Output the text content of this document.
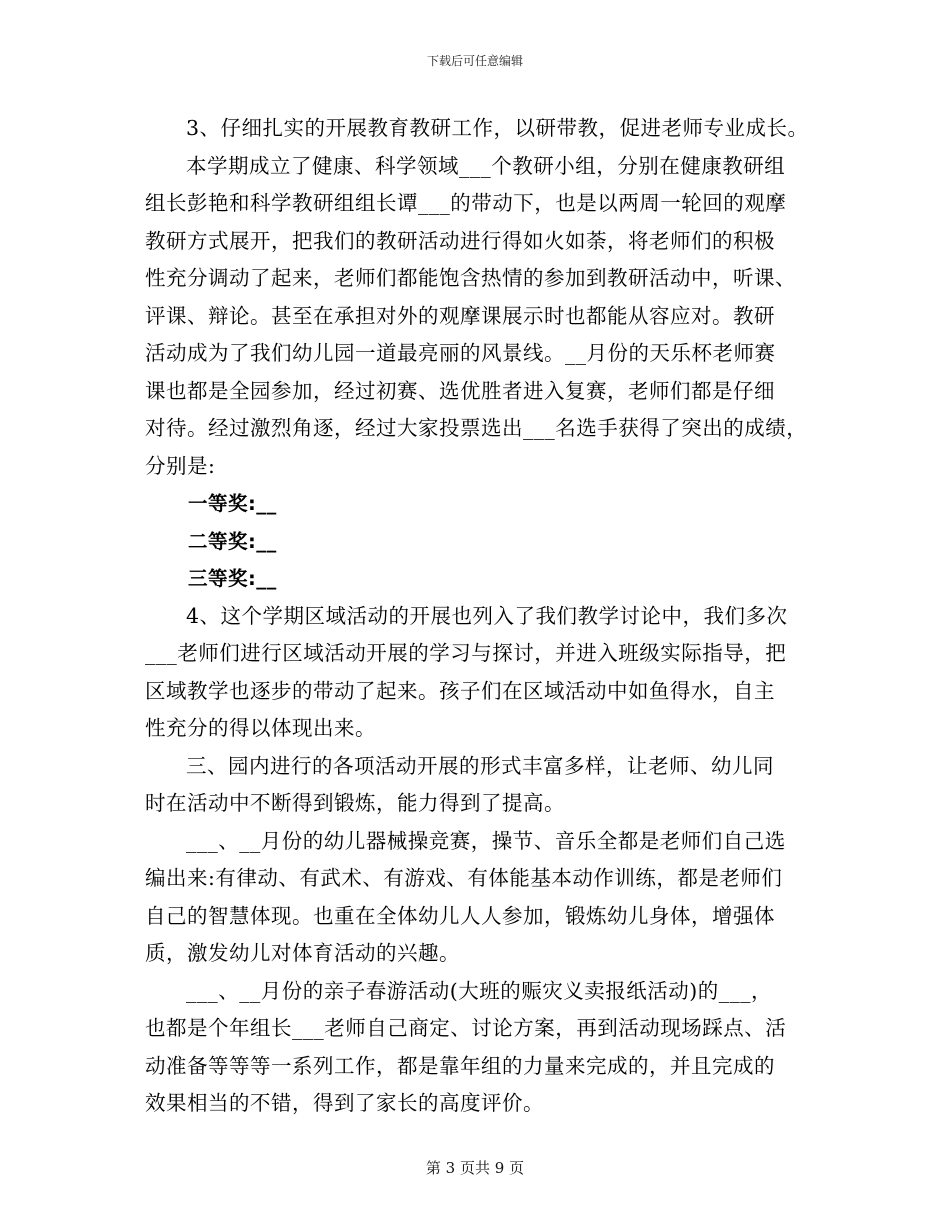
下载后可任意编辑
3、仔细扎实的开展教育教研工作，以研带教，促进老师专业成长。
本学期成立了健康、科学领域___个教研小组，分别在健康教研组
组长彭艳和科学教研组组长谭___的带动下，也是以两周一轮回的观摩
教研方式展开，把我们的教研活动进行得如火如荼，将老师们的积极
性充分调动了起来，老师们都能饱含热情的参加到教研活动中，听课、
评课、辩论。甚至在承担对外的观摩课展示时也都能从容应对。教研
活动成为了我们幼儿园一道最亮丽的风景线。__月份的天乐杯老师赛
课也都是全园参加，经过初赛、选优胜者进入复赛，老师们都是仔细
对待。经过激烈角逐，经过大家投票选出___名选手获得了突出的成绩，
分别是:
一等奖:__
二等奖:__
三等奖:__
4、这个学期区域活动的开展也列入了我们教学讨论中，我们多次
___老师们进行区域活动开展的学习与探讨，并进入班级实际指导，把
区域教学也逐步的带动了起来。孩子们在区域活动中如鱼得水，自主
性充分的得以体现出来。
三、园内进行的各项活动开展的形式丰富多样，让老师、幼儿同
时在活动中不断得到锻炼，能力得到了提高。
___、__月份的幼儿器械操竞赛，操节、音乐全都是老师们自己选
编出来:有律动、有武术、有游戏、有体能基本动作训练，都是老师们
自己的智慧体现。也重在全体幼儿人人参加，锻炼幼儿身体，增强体
质，激发幼儿对体育活动的兴趣。
___、__月份的亲子春游活动(大班的赈灾义卖报纸活动)的___，
也都是个年组长___老师自己商定、讨论方案，再到活动现场踩点、活
动准备等等等一系列工作，都是靠年组的力量来完成的，并且完成的
效果相当的不错，得到了家长的高度评价。
第 3 页共 9 页
